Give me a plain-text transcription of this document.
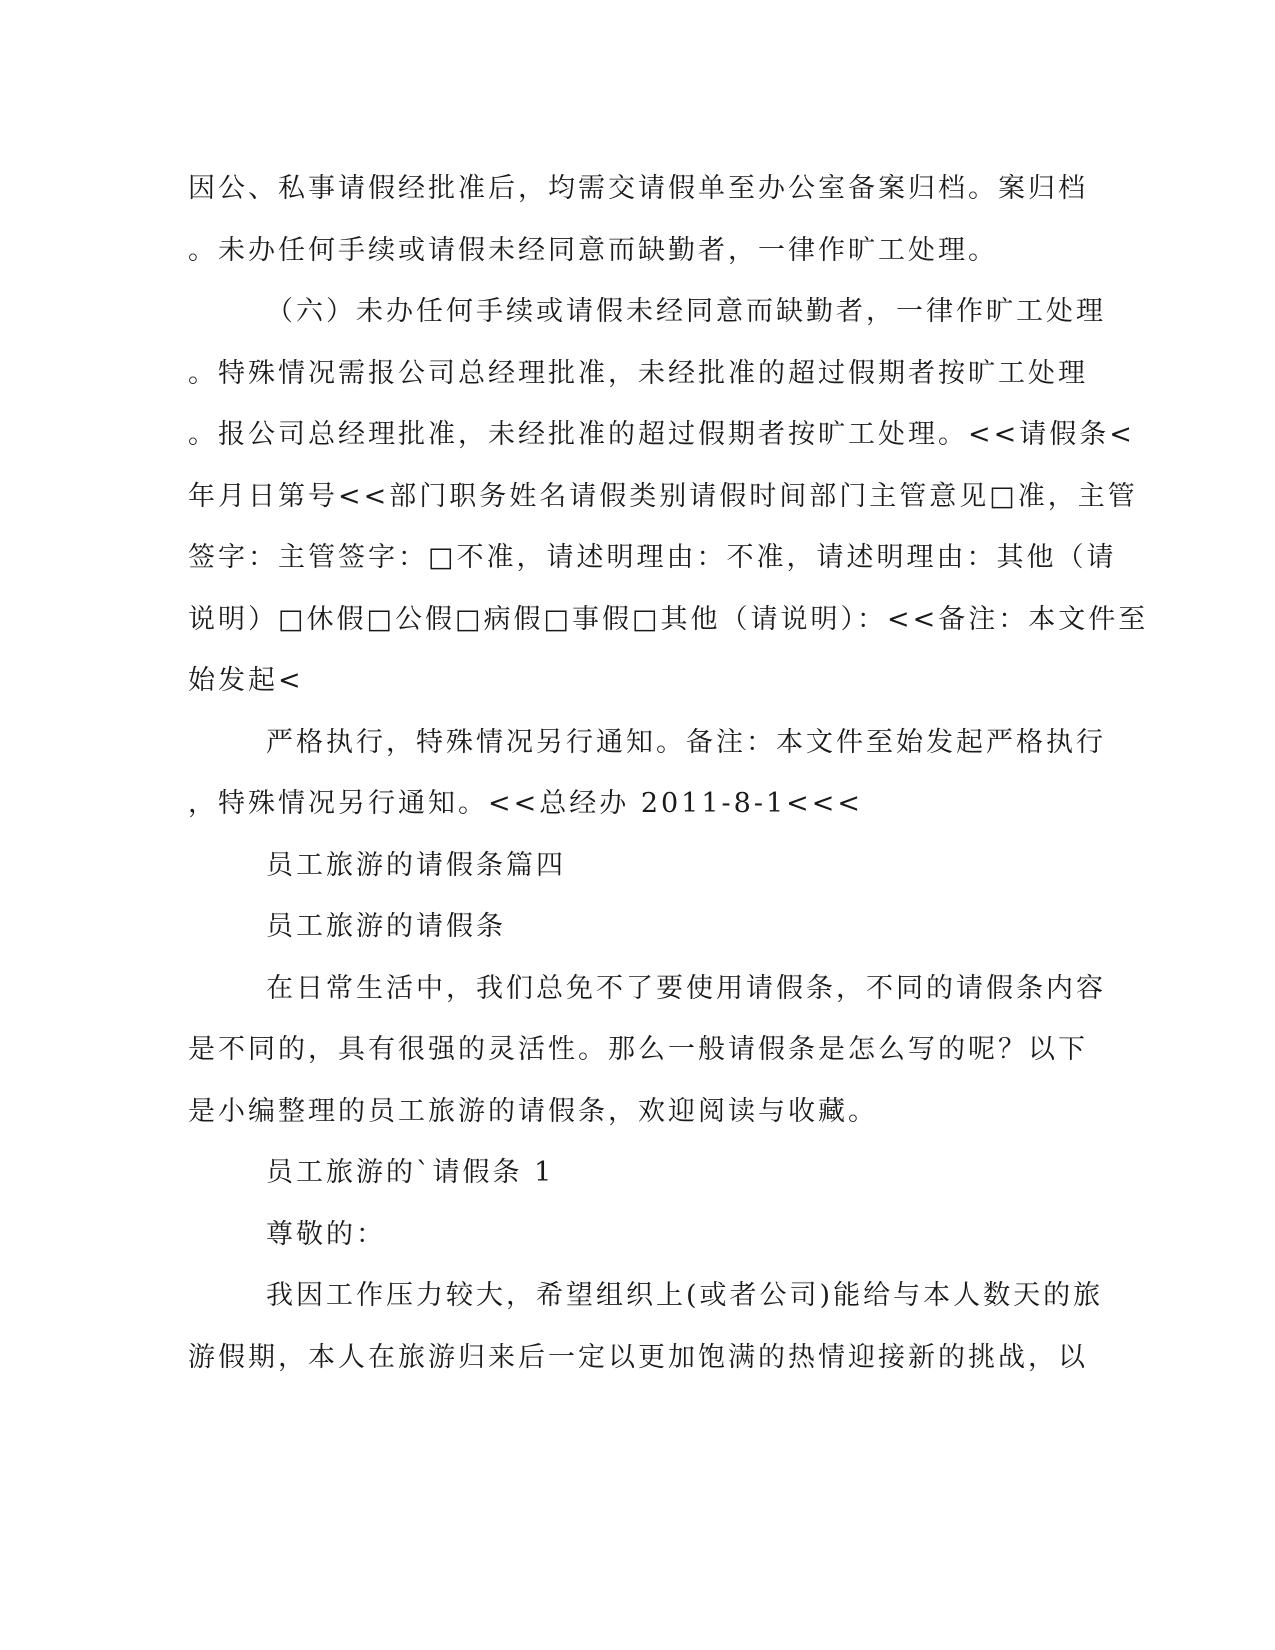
因公、私事请假经批准后，均需交请假单至办公室备案归档。案归档
。未办任何手续或请假未经同意而缺勤者，一律作旷工处理。

（六）未办任何手续或请假未经同意而缺勤者，一律作旷工处理
。特殊情况需报公司总经理批准，未经批准的超过假期者按旷工处理
。报公司总经理批准，未经批准的超过假期者按旷工处理。<<请假条<
年月日第号<<部门职务姓名请假类别请假时间部门主管意见□准，主管
签字：主管签字：□不准，请述明理由：不准，请述明理由：其他（请
说明）□休假□公假□病假□事假□其他（请说明）：<<备注：本文件至
始发起<

严格执行，特殊情况另行通知。备注：本文件至始发起严格执行
，特殊情况另行通知。<<总经办 2011-8-1<<<

员工旅游的请假条篇四

员工旅游的请假条

在日常生活中，我们总免不了要使用请假条，不同的请假条内容
是不同的，具有很强的灵活性。那么一般请假条是怎么写的呢？以下
是小编整理的员工旅游的请假条，欢迎阅读与收藏。

员工旅游的`请假条 1

尊敬的：

我因工作压力较大，希望组织上(或者公司)能给与本人数天的旅
游假期，本人在旅游归来后一定以更加饱满的热情迎接新的挑战，以
